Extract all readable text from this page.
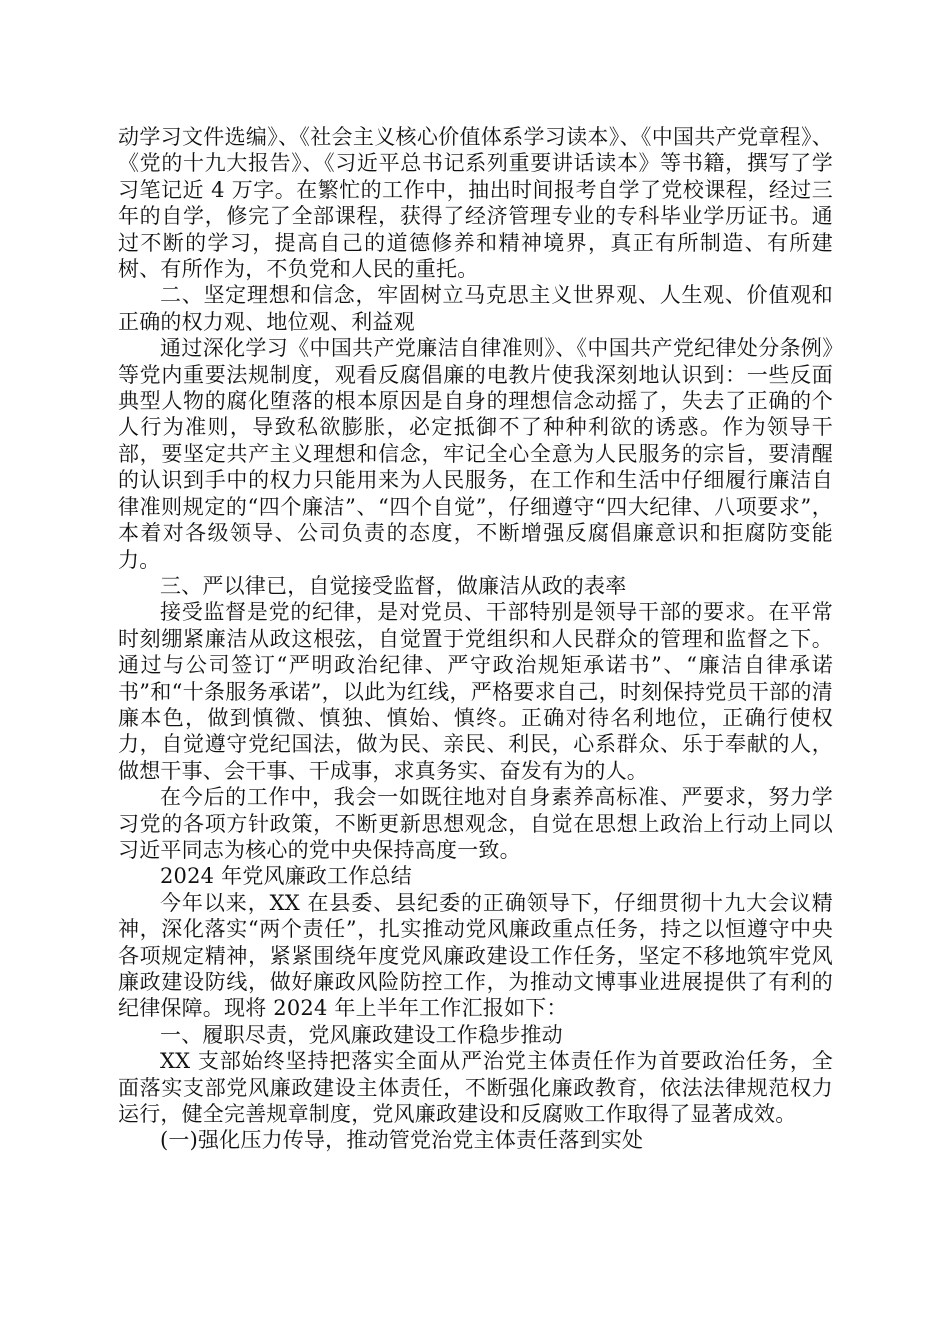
动学习文件选编》、《社会主义核心价值体系学习读本》、《中国共产党章程》、《党的十九大报告》、《习近平总书记系列重要讲话读本》等书籍，撰写了学习笔记近 4 万字。在繁忙的工作中，抽出时间报考自学了党校课程，经过三年的自学，修完了全部课程，获得了经济管理专业的专科毕业学历证书。通过不断的学习，提高自己的道德修养和精神境界，真正有所制造、有所建树、有所作为，不负党和人民的重托。

二、坚定理想和信念，牢固树立马克思主义世界观、人生观、价值观和正确的权力观、地位观、利益观

通过深化学习《中国共产党廉洁自律准则》、《中国共产党纪律处分条例》等党内重要法规制度，观看反腐倡廉的电教片使我深刻地认识到：一些反面典型人物的腐化堕落的根本原因是自身的理想信念动摇了，失去了正确的个人行为准则，导致私欲膨胀，必定抵御不了种种利欲的诱惑。作为领导干部，要坚定共产主义理想和信念，牢记全心全意为人民服务的宗旨，要清醒的认识到手中的权力只能用来为人民服务，在工作和生活中仔细履行廉洁自律准则规定的“四个廉洁”、“四个自觉”，仔细遵守“四大纪律、八项要求”，本着对各级领导、公司负责的态度，不断增强反腐倡廉意识和拒腐防变能力。

三、严以律已，自觉接受监督，做廉洁从政的表率

接受监督是党的纪律，是对党员、干部特别是领导干部的要求。在平常时刻绷紧廉洁从政这根弦，自觉置于党组织和人民群众的管理和监督之下。通过与公司签订“严明政治纪律、严守政治规矩承诺书”、“廉洁自律承诺书”和“十条服务承诺”，以此为红线，严格要求自己，时刻保持党员干部的清廉本色，做到慎微、慎独、慎始、慎终。正确对待名利地位，正确行使权力，自觉遵守党纪国法，做为民、亲民、利民，心系群众、乐于奉献的人，做想干事、会干事、干成事，求真务实、奋发有为的人。

在今后的工作中，我会一如既往地对自身素养高标准、严要求，努力学习党的各项方针政策，不断更新思想观念，自觉在思想上政治上行动上同以习近平同志为核心的党中央保持高度一致。

2024 年党风廉政工作总结

今年以来，XX 在县委、县纪委的正确领导下，仔细贯彻十九大会议精神，深化落实“两个责任”，扎实推动党风廉政重点任务，持之以恒遵守中央各项规定精神，紧紧围绕年度党风廉政建设工作任务，坚定不移地筑牢党风廉政建设防线，做好廉政风险防控工作，为推动文博事业进展提供了有利的纪律保障。现将 2024 年上半年工作汇报如下：

一、履职尽责，党风廉政建设工作稳步推动

XX 支部始终坚持把落实全面从严治党主体责任作为首要政治任务，全面落实支部党风廉政建设主体责任，不断强化廉政教育，依法法律规范权力运行，健全完善规章制度，党风廉政建设和反腐败工作取得了显著成效。

(一)强化压力传导，推动管党治党主体责任落到实处
